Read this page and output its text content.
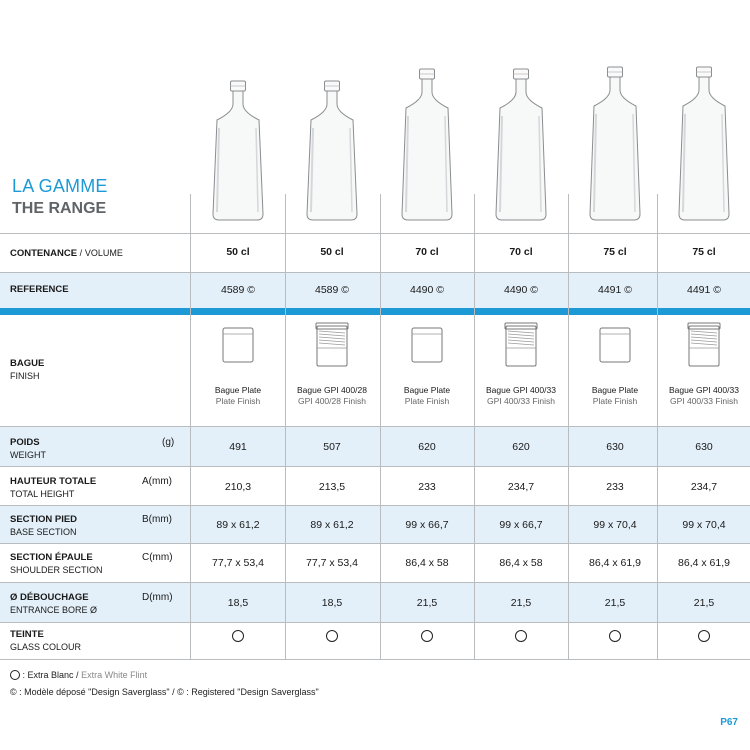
LA GAMME
THE RANGE
CONTENANCE / VOLUME
REFERENCE
BAGUE
FINISH
POIDS
WEIGHT
(g)
HAUTEUR TOTALE
TOTAL HEIGHT
A(mm)
SECTION PIED
BASE SECTION
B(mm)
SECTION ÉPAULE
SHOULDER SECTION
C(mm)
Ø DÉBOUCHAGE
ENTRANCE BORE Ø
D(mm)
TEINTE
GLASS COLOUR
50 cl
4589 ©
491
210,3
89 x 61,2
77,7 x 53,4
18,5
Bague Plate
Plate Finish
50 cl
4589 ©
507
213,5
89 x 61,2
77,7 x 53,4
18,5
Bague GPI 400/28
GPI 400/28 Finish
70 cl
4490 ©
620
233
99 x 66,7
86,4 x 58
21,5
Bague Plate
Plate Finish
70 cl
4490 ©
620
234,7
99 x 66,7
86,4 x 58
21,5
Bague GPI 400/33
GPI 400/33 Finish
75 cl
4491 ©
630
233
99 x 70,4
86,4 x 61,9
21,5
Bague Plate
Plate Finish
75 cl
4491 ©
630
234,7
99 x 70,4
86,4 x 61,9
21,5
Bague GPI 400/33
GPI 400/33 Finish
: Extra Blanc / Extra White Flint
© : Modèle déposé "Design Saverglass" / © : Registered "Design Saverglass"
P67
